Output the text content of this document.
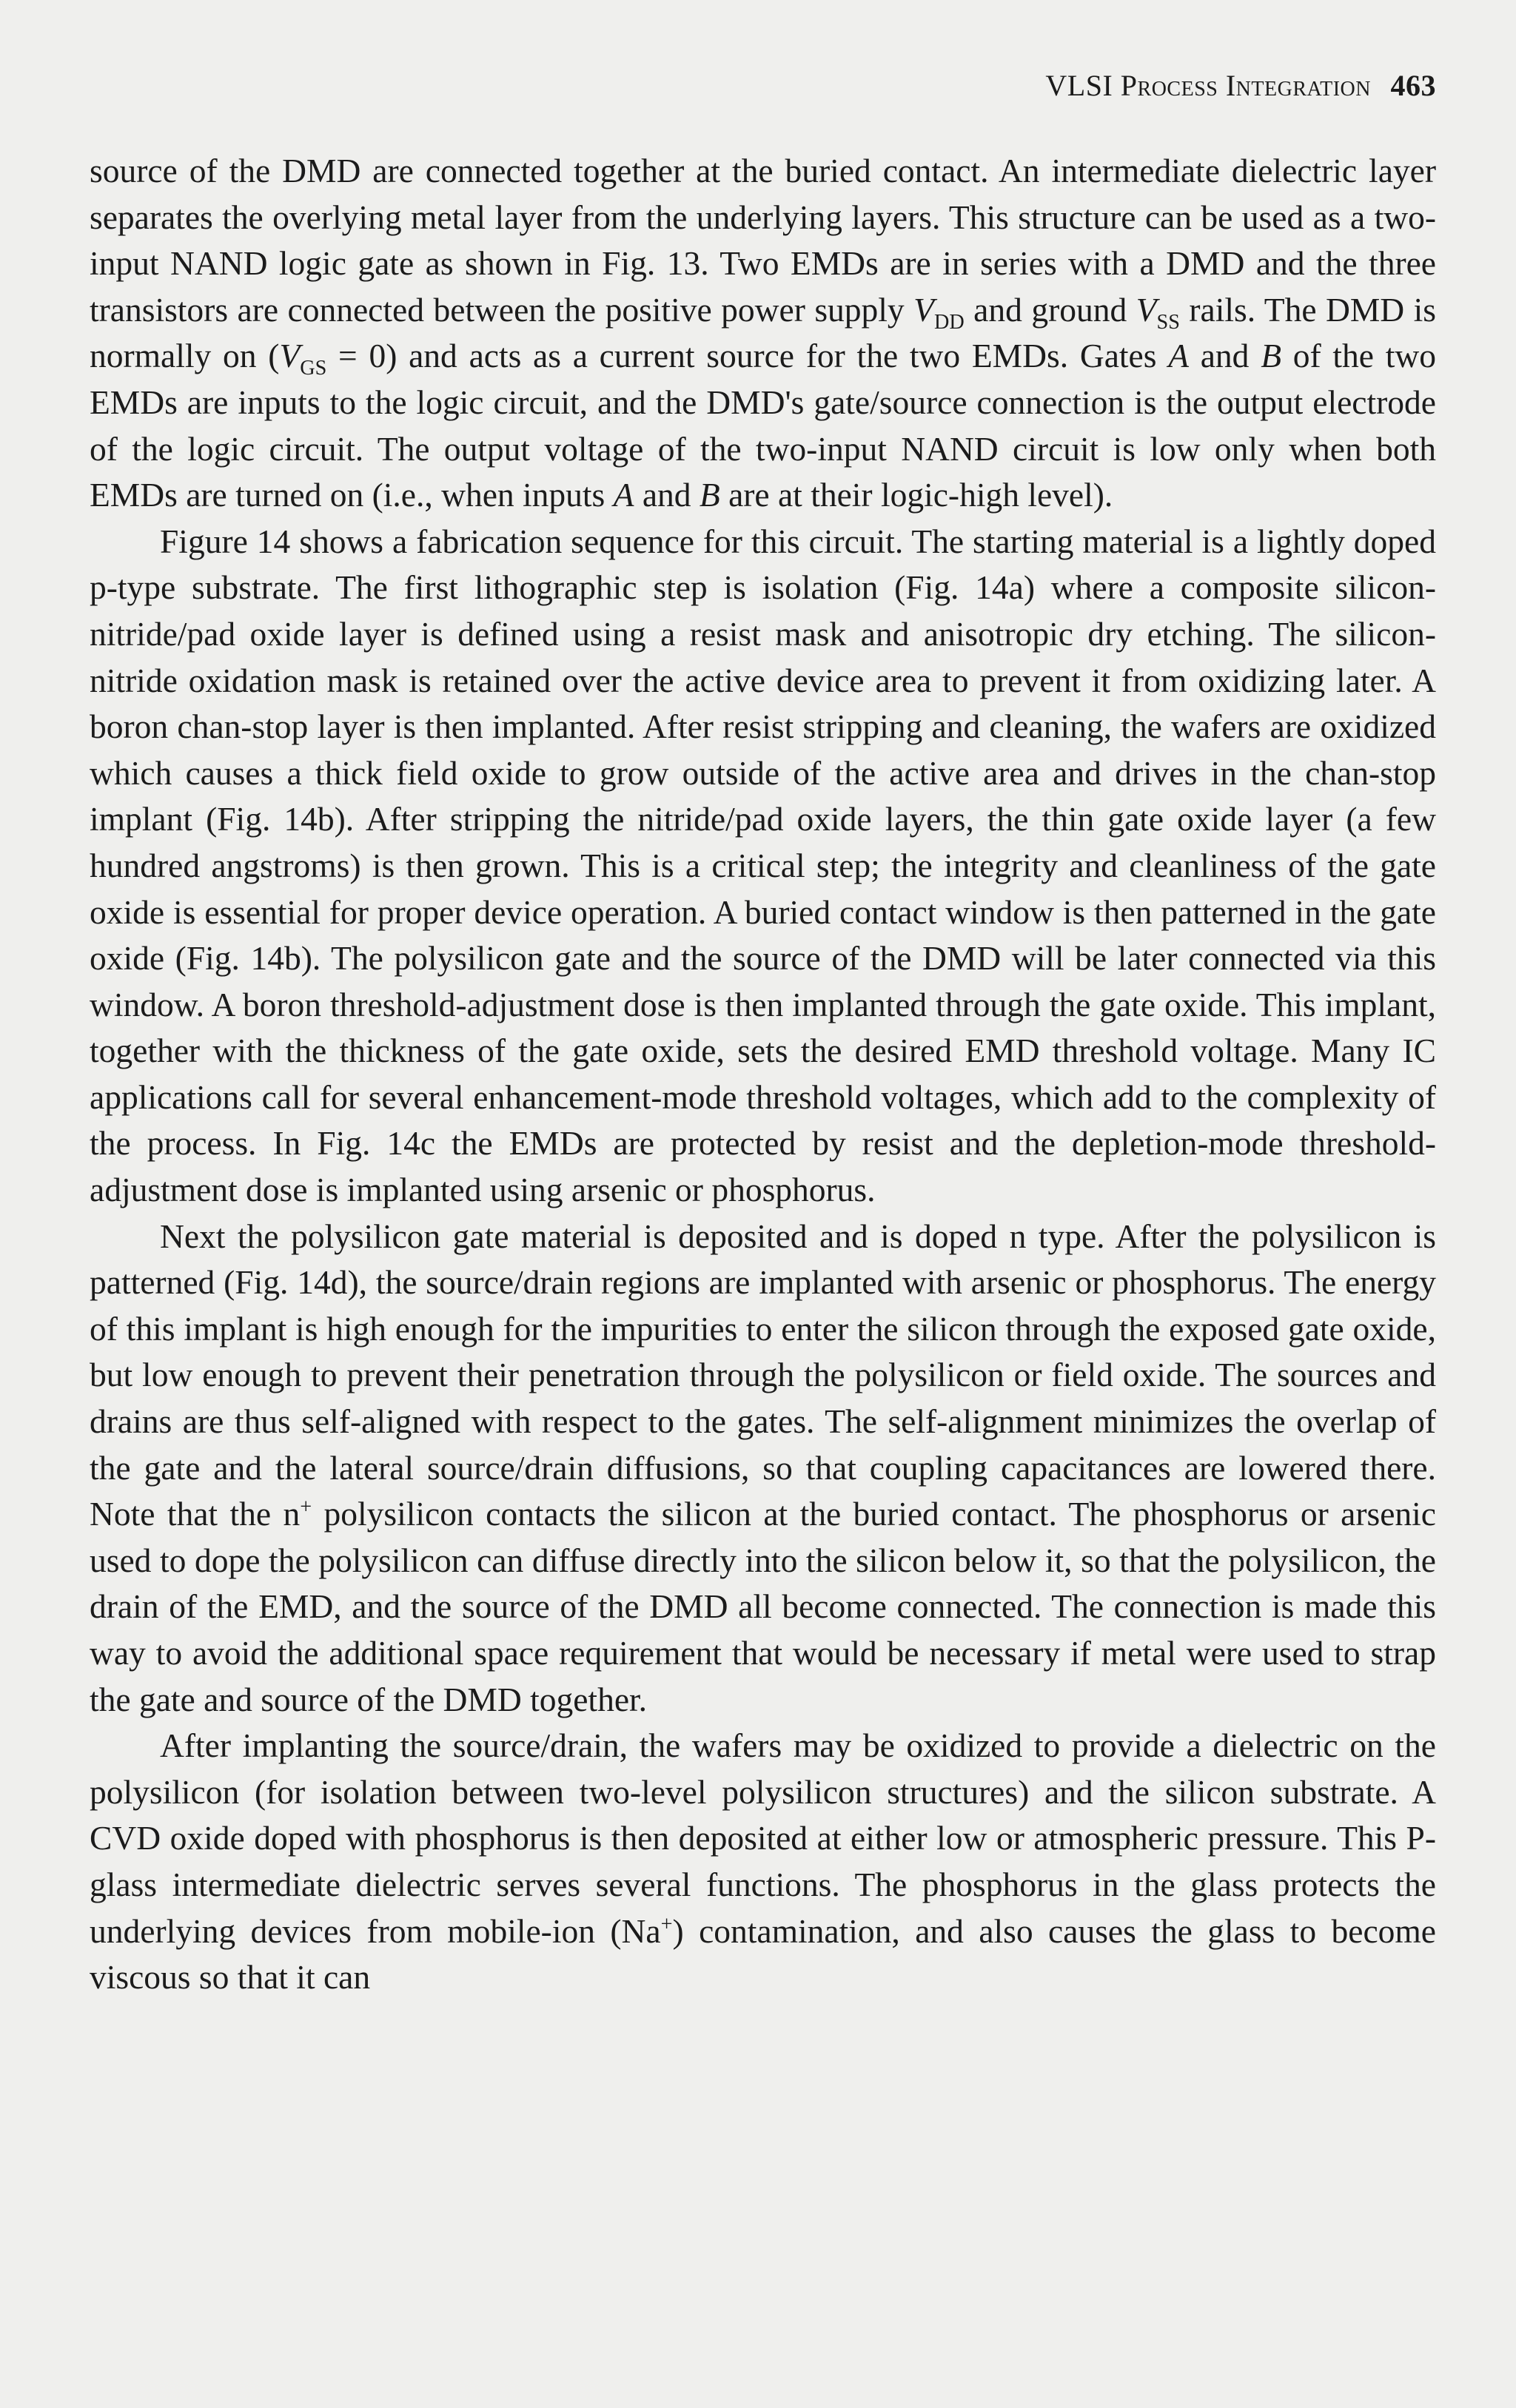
VLSI Process Integration 463

source of the DMD are connected together at the buried contact. An intermediate dielectric layer separates the overlying metal layer from the underlying layers. This structure can be used as a two-input NAND logic gate as shown in Fig. 13. Two EMDs are in series with a DMD and the three transistors are connected between the positive power supply $V_{DD}$ and ground $V_{SS}$ rails. The DMD is normally on $(V_{GS} = 0)$ and acts as a current source for the two EMDs. Gates A and B of the two EMDs are inputs to the logic circuit, and the DMD's gate/source connection is the output electrode of the logic circuit. The output voltage of the two-input NAND circuit is low only when both EMDs are turned on (i.e., when inputs A and B are at their logic-high level).

Figure 14 shows a fabrication sequence for this circuit. The starting material is a lightly doped p-type substrate. The first lithographic step is isolation (Fig. 14a) where a composite silicon-nitride/pad oxide layer is defined using a resist mask and anisotropic dry etching. The silicon-nitride oxidation mask is retained over the active device area to prevent it from oxidizing later. A boron chan-stop layer is then implanted. After resist stripping and cleaning, the wafers are oxidized which causes a thick field oxide to grow outside of the active area and drives in the chan-stop implant (Fig. 14b). After stripping the nitride/pad oxide layers, the thin gate oxide layer (a few hundred angstroms) is then grown. This is a critical step; the integrity and cleanliness of the gate oxide is essential for proper device operation. A buried contact window is then patterned in the gate oxide (Fig. 14b). The polysilicon gate and the source of the DMD will be later connected via this window. A boron threshold-adjustment dose is then implanted through the gate oxide. This implant, together with the thickness of the gate oxide, sets the desired EMD threshold voltage. Many IC applications call for several enhancement-mode threshold voltages, which add to the complexity of the process. In Fig. 14c the EMDs are protected by resist and the depletion-mode threshold-adjustment dose is implanted using arsenic or phosphorus.

Next the polysilicon gate material is deposited and is doped n type. After the polysilicon is patterned (Fig. 14d), the source/drain regions are implanted with arsenic or phosphorus. The energy of this implant is high enough for the impurities to enter the silicon through the exposed gate oxide, but low enough to prevent their penetration through the polysilicon or field oxide. The sources and drains are thus self-aligned with respect to the gates. The self-alignment minimizes the overlap of the gate and the lateral source/drain diffusions, so that coupling capacitances are lowered there. Note that the n+ polysilicon contacts the silicon at the buried contact. The phosphorus or arsenic used to dope the polysilicon can diffuse directly into the silicon below it, so that the polysilicon, the drain of the EMD, and the source of the DMD all become connected. The connection is made this way to avoid the additional space requirement that would be necessary if metal were used to strap the gate and source of the DMD together.

After implanting the source/drain, the wafers may be oxidized to provide a dielectric on the polysilicon (for isolation between two-level polysilicon structures) and the silicon substrate. A CVD oxide doped with phosphorus is then deposited at either low or atmospheric pressure. This P-glass intermediate dielectric serves several functions. The phosphorus in the glass protects the underlying devices from mobile-ion (Na+) contamination, and also causes the glass to become viscous so that it can
